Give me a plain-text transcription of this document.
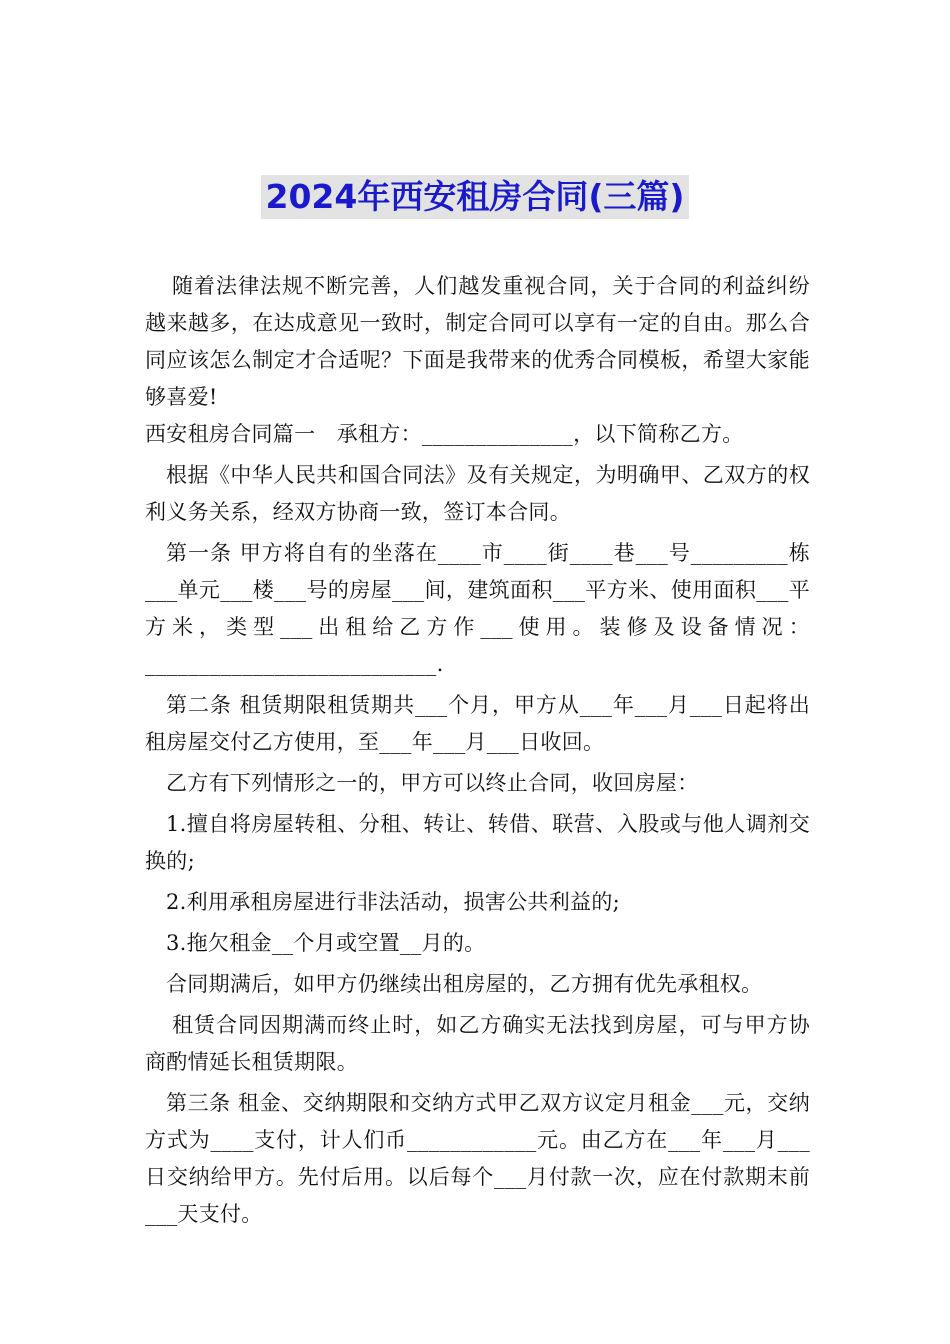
2024年西安租房合同(三篇)

随着法律法规不断完善，人们越发重视合同，关于合同的利益纠纷越来越多，在达成意见一致时，制定合同可以享有一定的自由。那么合同应该怎么制定才合适呢？下面是我带来的优秀合同模板，希望大家能够喜爱!

西安租房合同篇一　承租方：______________，以下简称乙方。

根据《中华人民共和国合同法》及有关规定，为明确甲、乙双方的权利义务关系，经双方协商一致，签订本合同。

第一条 甲方将自有的坐落在____市____街____巷___号_________栋___单元___楼___号的房屋___间，建筑面积___平方米、使用面积___平方米，类型___出租给乙方作___使用。装修及设备情况：___________________________.

第二条 租赁期限租赁期共___个月，甲方从___年___月___日起将出租房屋交付乙方使用，至___年___月___日收回。

乙方有下列情形之一的，甲方可以终止合同，收回房屋：

1.擅自将房屋转租、分租、转让、转借、联营、入股或与他人调剂交换的;

2.利用承租房屋进行非法活动，损害公共利益的;

3.拖欠租金__个月或空置__月的。

合同期满后，如甲方仍继续出租房屋的，乙方拥有优先承租权。

租赁合同因期满而终止时，如乙方确实无法找到房屋，可与甲方协商酌情延长租赁期限。

第三条 租金、交纳期限和交纳方式甲乙双方议定月租金___元，交纳方式为____支付，计人们币____________元。由乙方在___年___月___日交纳给甲方。先付后用。以后每个___月付款一次，应在付款期末前___天支付。
